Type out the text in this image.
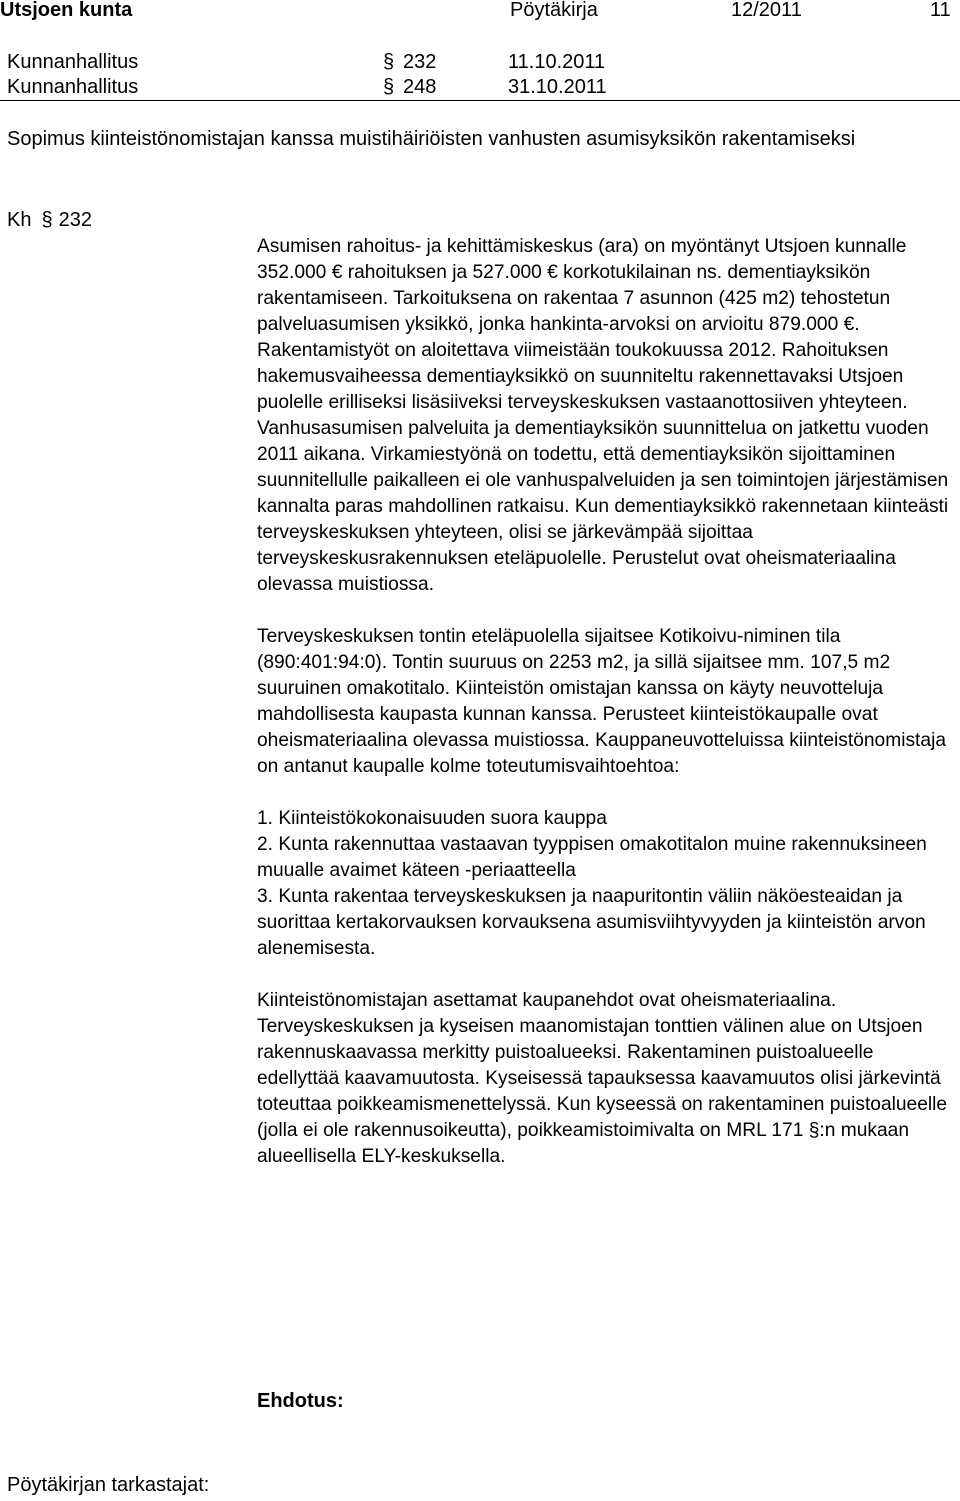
Utsjoen kunta	Pöytäkirja	12/2011	11
Kunnanhallitus	§ 232	11.10.2011
Kunnanhallitus	§ 248	31.10.2011
Sopimus kiinteistönomistajan kanssa muistihäiriöisten vanhusten asumisyksikön rakentamiseksi
Kh § 232

Asumisen rahoitus- ja kehittämiskeskus (ara) on myöntänyt Utsjoen kunnalle 352.000 € rahoituksen ja 527.000 € korkotukilainan ns. dementiayksikön rakentamiseen. Tarkoituksena on rakentaa 7 asunnon (425 m2) tehostetun palveluasumisen yksikkö, jonka hankinta-arvoksi on arvioitu 879.000 €. Rakentamistyöt on aloitettava viimeistään toukokuussa 2012. Rahoituksen hakemusvaiheessa dementiayksikkö on suunniteltu rakennettavaksi Utsjoen puolelle erilliseksi lisäsiiveksi terveyskeskuksen vastaanottosiiven yhteyteen. Vanhusasumisen palveluita ja dementiayksikön suunnittelua on jatkettu vuoden 2011 aikana. Virkamiestyönä on todettu, että dementiayksikön sijoittaminen suunnitellulle paikalleen ei ole vanhuspalveluiden ja sen toimintojen järjestämisen kannalta paras mahdollinen ratkaisu. Kun dementiayksikkö rakennetaan kiinteästi terveyskeskuksen yhteyteen, olisi se järkevämpää sijoittaa terveyskeskusrakennuksen eteläpuolelle. Perustelut ovat oheismateriaalina olevassa muistiossa.

Terveyskeskuksen tontin eteläpuolella sijaitsee Kotikoivu-niminen tila (890:401:94:0). Tontin suuruus on 2253 m2, ja sillä sijaitsee mm. 107,5 m2 suuruinen omakotitalo. Kiinteistön omistajan kanssa on käyty neuvotteluja mahdollisesta kaupasta kunnan kanssa. Perusteet kiinteistökaupalle ovat oheismateriaalina olevassa muistiossa. Kauppaneuvotteluissa kiinteistönomistaja on antanut kaupalle kolme toteutumisvaihtoehtoa:

1. Kiinteistökokonaisuuden suora kauppa
2. Kunta rakennuttaa vastaavan tyyppisen omakotitalon muine rakennuksineen muualle avaimet käteen -periaatteella
3. Kunta rakentaa terveyskeskuksen ja naapuritontin väliin näköesteaidan ja suorittaa kertakorvauksen korvauksena asumisviihtyvyyden ja kiinteistön arvon alenemisesta.

Kiinteistönomistajan asettamat kaupanehdot ovat oheismateriaalina. Terveyskeskuksen ja kyseisen maanomistajan tonttien välinen alue on Utsjoen rakennuskaavassa merkitty puistoalueeksi. Rakentaminen puistoalueelle edellyttää kaavamuutosta. Kyseisessä tapauksessa kaavamuutos olisi järkevintä toteuttaa poikkeamismenettelyssä. Kun kyseessä on rakentaminen puistoalueelle (jolla ei ole rakennusoikeutta), poikkeamistoimivalta on MRL 171 §:n mukaan alueellisella ELY-keskuksella.

Ehdotus:
Pöytäkirjan tarkastajat:
